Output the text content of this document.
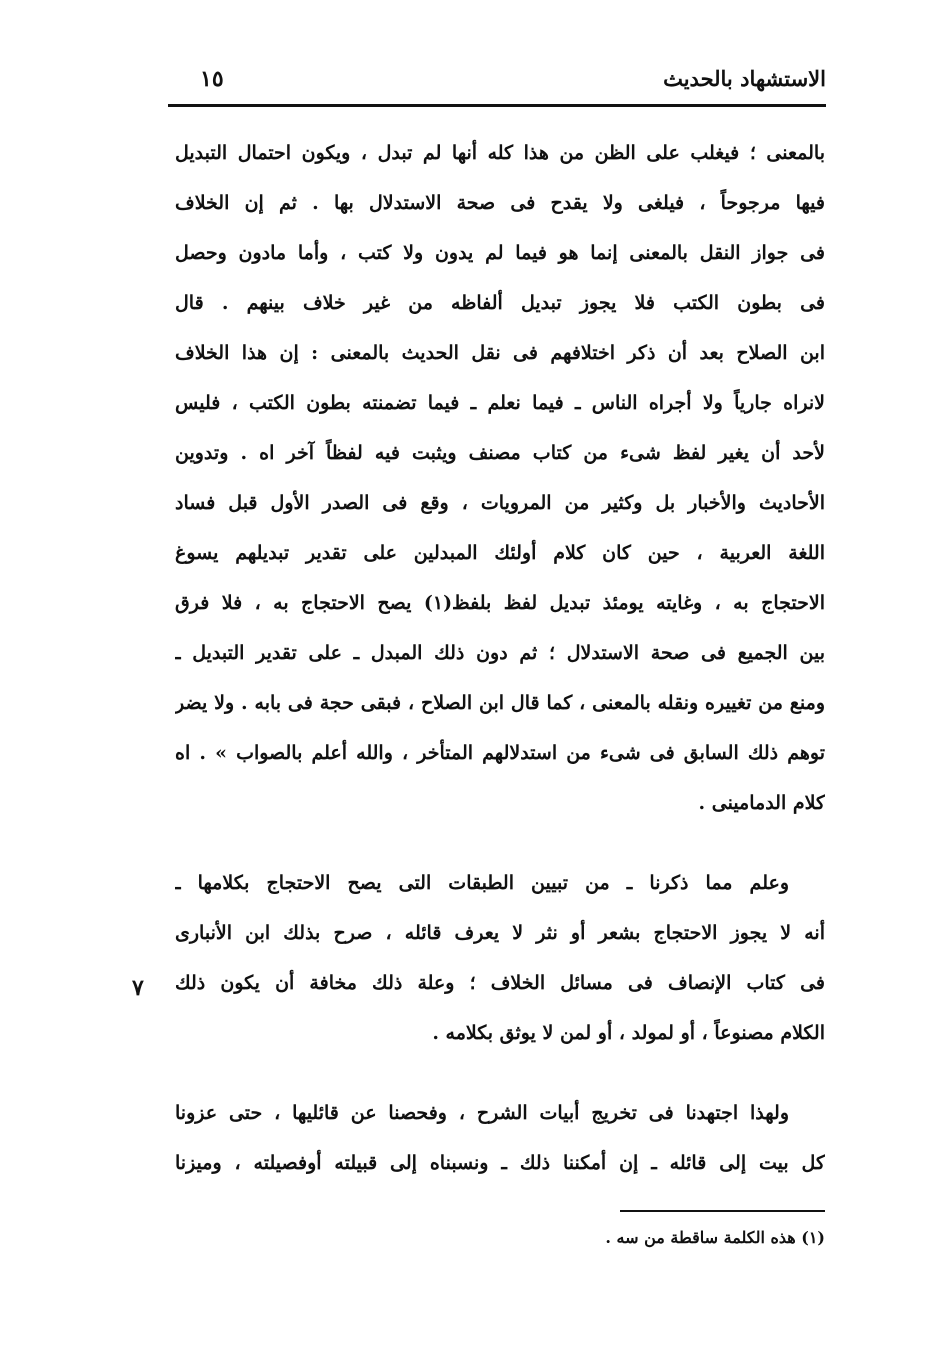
الاستشهاد بالحديث
١٥
بالمعنى ؛ فيغلب على الظن من هذا كله أنها لم تبدل ، ويكون احتمال التبديل
فيها مرجوحاً ، فيلغى ولا يقدح فى صحة الاستدلال بها . ثم إن الخلاف
فى جواز النقل بالمعنى إنما هو فيما لم يدون ولا كتب ، وأما مادون وحصل
فى بطون الكتب فلا يجوز تبديل ألفاظه من غير خلاف بينهم . قال
ابن الصلاح بعد أن ذكر اختلافهم فى نقل الحديث بالمعنى : إن هذا الخلاف
لانراه جارياً ولا أجراه الناس ـ فيما نعلم ـ فيما تضمنته بطون الكتب ، فليس
لأحد أن يغير لفظ شىء من كتاب مصنف ويثبت فيه لفظاً آخر اه . وتدوين
الأحاديث والأخبار بل وكثير من المرويات ، وقع فى الصدر الأول قبل فساد
اللغة العربية ، حين كان كلام أولئك المبدلين على تقدير تبديلهم يسوغ
الاحتجاج به ، وغايته يومئذ تبديل لفظ بلفظ(١) يصح الاحتجاج به ، فلا فرق
بين الجميع فى صحة الاستدلال ؛ ثم دون ذلك المبدل ـ على تقدير التبديل ـ
ومنع من تغييره ونقله بالمعنى ، كما قال ابن الصلاح ، فبقى حجة فى بابه . ولا يضر
توهم ذلك السابق فى شىء من استدلالهم المتأخر ، والله أعلم بالصواب » . اه
كلام الدمامينى .
وعلم مما ذكرنا ـ من تبيين الطبقات التى يصح الاحتجاج بكلامها ـ
أنه لا يجوز الاحتجاج بشعر أو نثر لا يعرف قائله ، صرح بذلك ابن الأنبارى
فى كتاب الإنصاف فى مسائل الخلاف ؛ وعلة ذلك مخافة أن يكون ذلك
الكلام مصنوعاً ، أو لمولد ، أو لمن لا يوثق بكلامه .
ولهذا اجتهدنا فى تخريج أبيات الشرح ، وفحصنا عن قائليها ، حتى عزونا
كل بيت إلى قائله ـ إن أمكننا ذلك ـ ونسبناه إلى قبيلته أوفصيلته ، وميزنا
٧
(١) هذه الكلمة ساقطة من سه .
